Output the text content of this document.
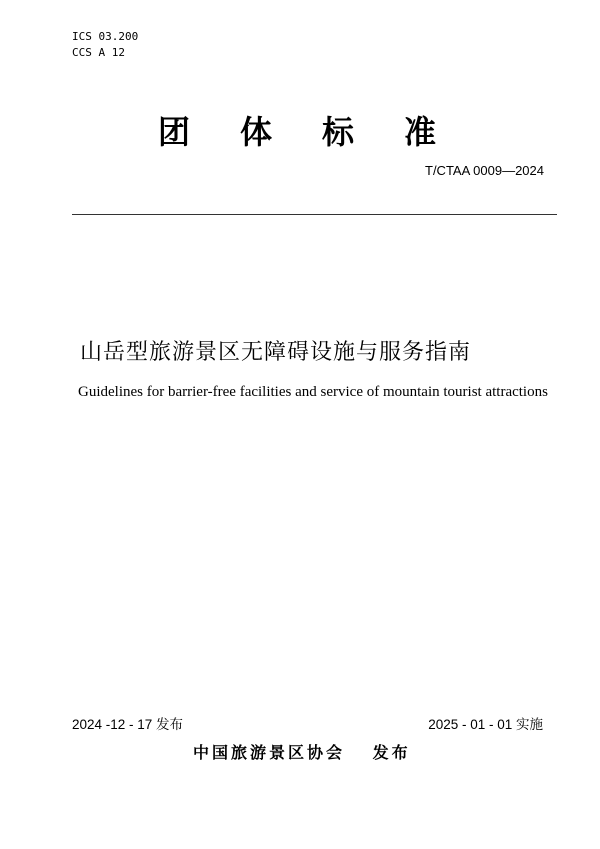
ICS 03.200

CCS A 12

团体标准

T/CTAA 0009—2024

山岳型旅游景区无障碍设施与服务指南

Guidelines for barrier-free facilities and service of mountain tourist attractions

2024 -12 - 17 发布	2025 - 01 - 01 实施

中国旅游景区协会　 发布
